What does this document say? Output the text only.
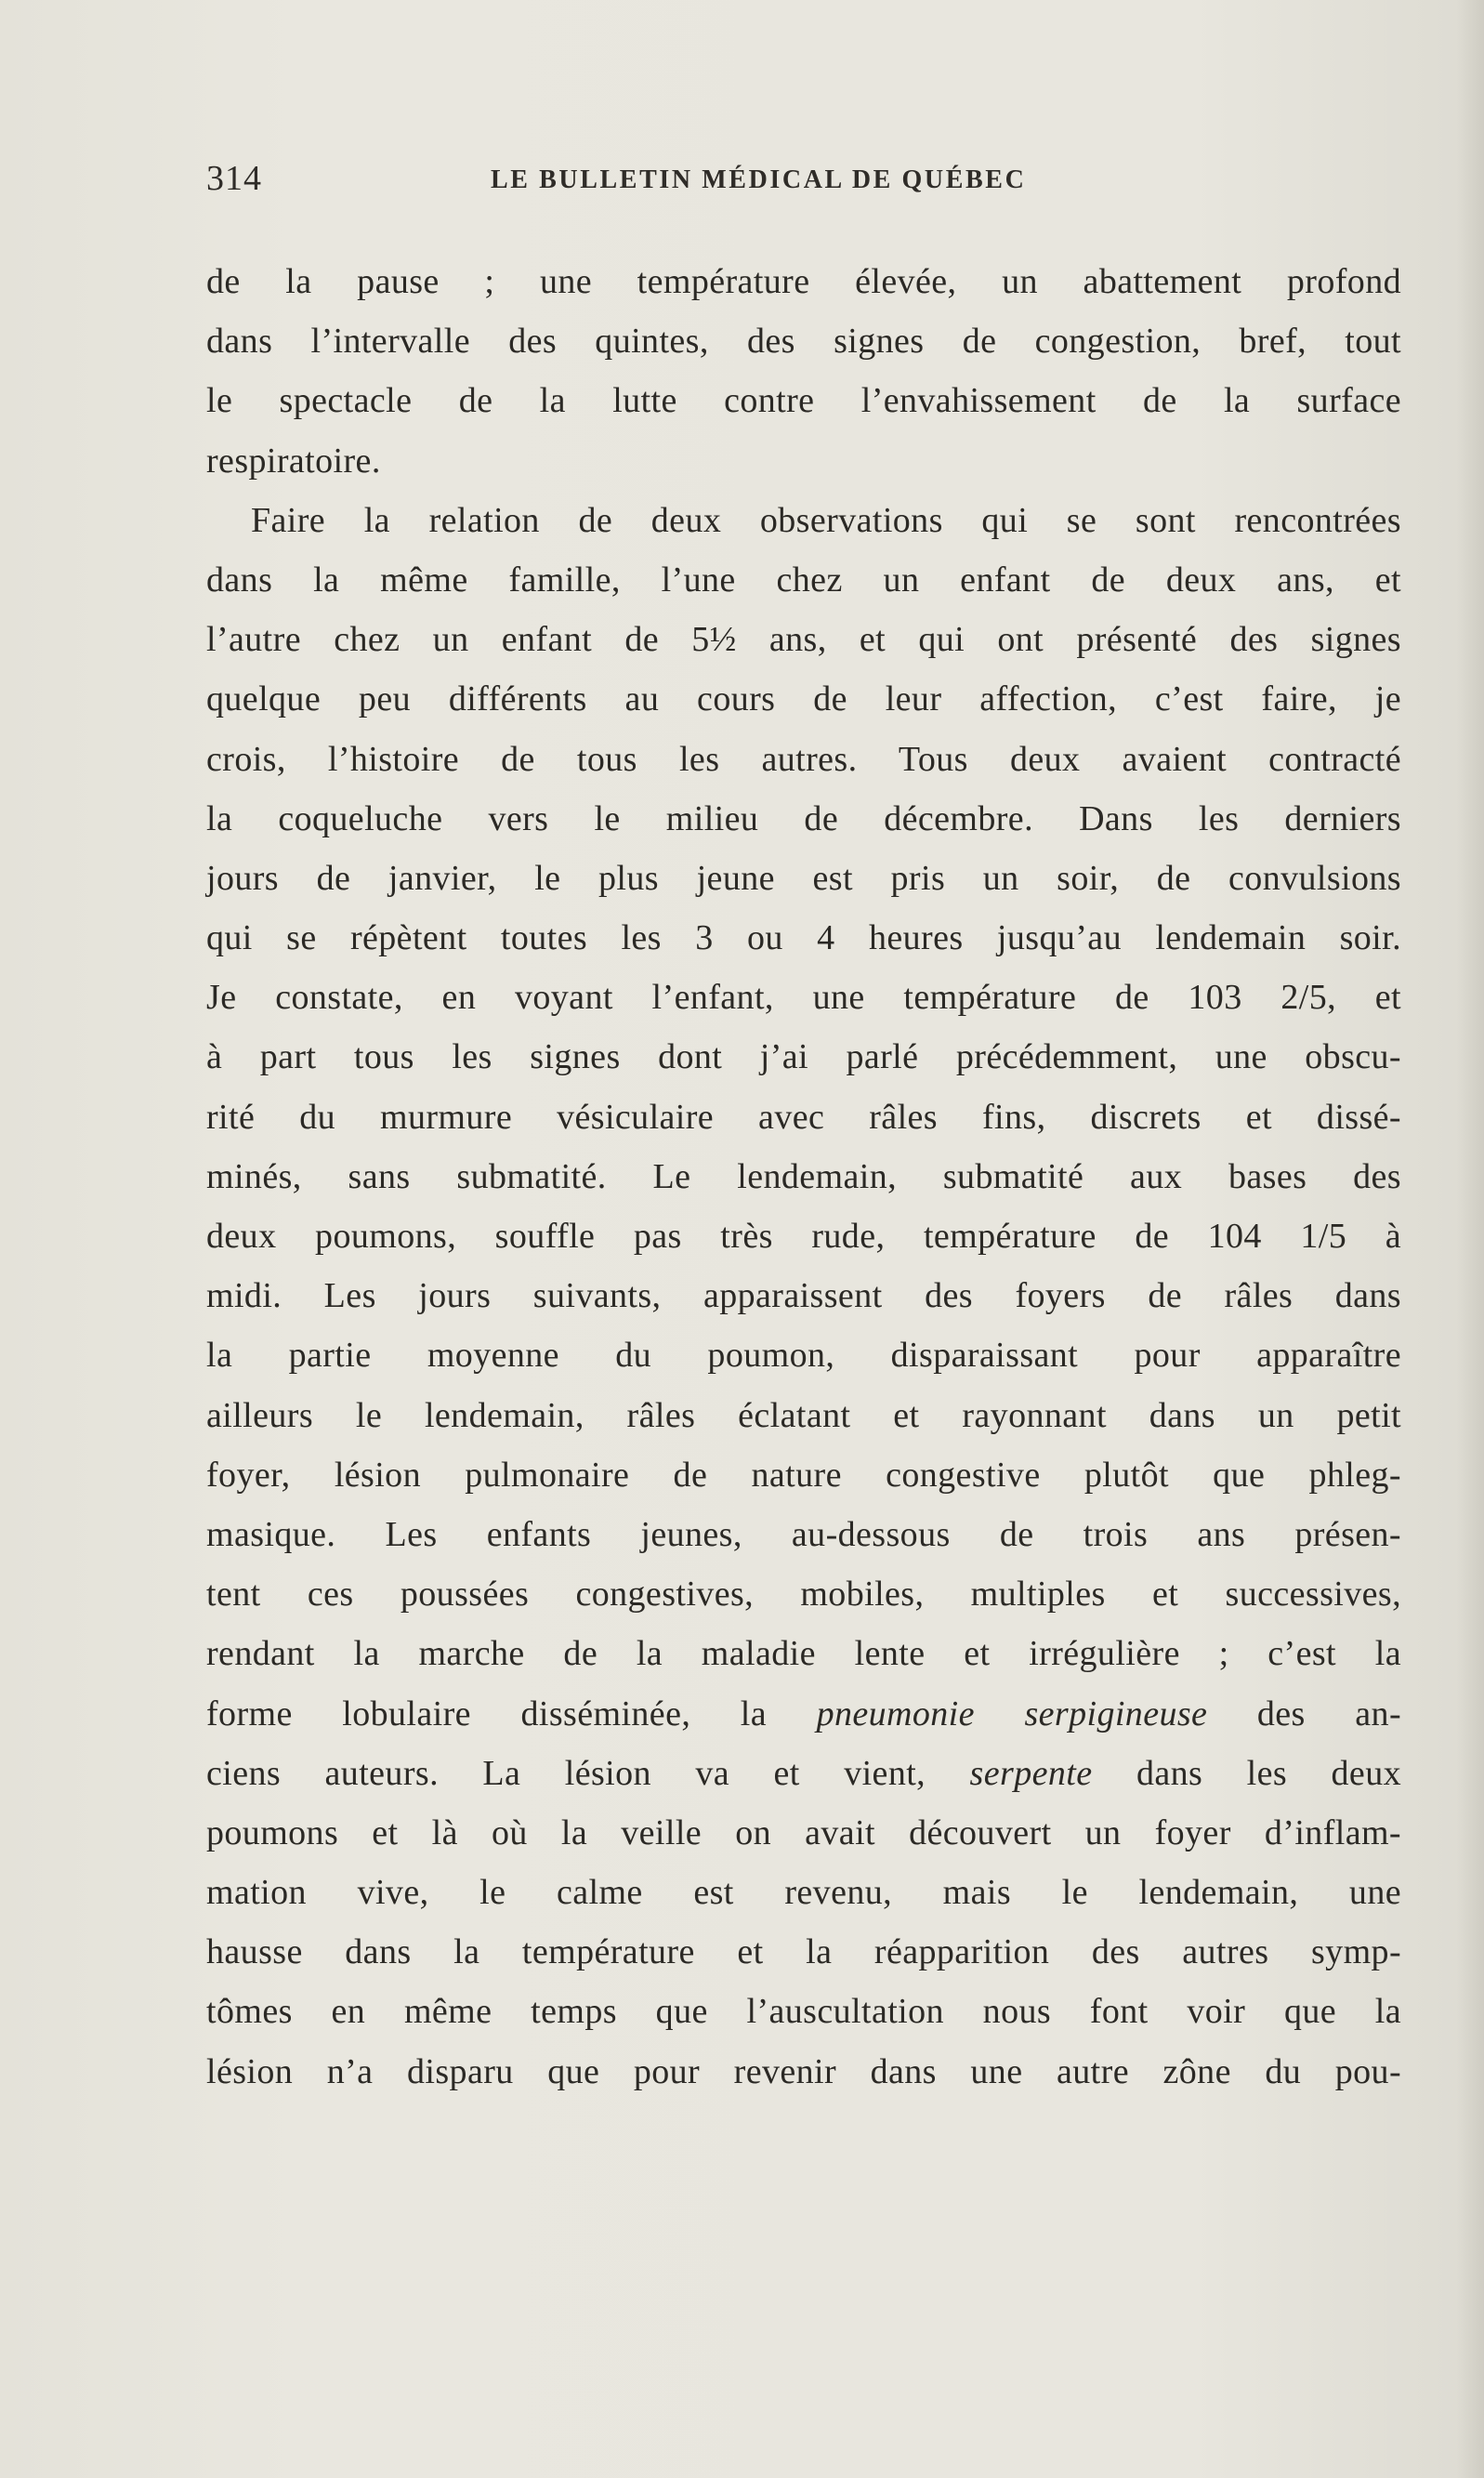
314	LE BULLETIN MÉDICAL DE QUÉBEC
de la pause ; une température élevée, un abattement profond
dans l’intervalle des quintes, des signes de congestion, bref, tout
le spectacle de la lutte contre l’envahissement de la surface
respiratoire.
Faire la relation de deux observations qui se sont rencontrées
dans la même famille, l’une chez un enfant de deux ans, et
l’autre chez un enfant de 5½ ans, et qui ont présenté des signes
quelque peu différents au cours de leur affection, c’est faire, je
crois, l’histoire de tous les autres. Tous deux avaient contracté
la coqueluche vers le milieu de décembre. Dans les derniers
jours de janvier, le plus jeune est pris un soir, de convulsions
qui se répètent toutes les 3 ou 4 heures jusqu’au lendemain soir.
Je constate, en voyant l’enfant, une température de 103 2/5, et
à part tous les signes dont j’ai parlé précédemment, une obscu-
rité du murmure vésiculaire avec râles fins, discrets et dissé-
minés, sans submatité. Le lendemain, submatité aux bases des
deux poumons, souffle pas très rude, température de 104 1/5 à
midi. Les jours suivants, apparaissent des foyers de râles dans
la partie moyenne du poumon, disparaissant pour apparaître
ailleurs le lendemain, râles éclatant et rayonnant dans un petit
foyer, lésion pulmonaire de nature congestive plutôt que phleg-
masique. Les enfants jeunes, au-dessous de trois ans présen-
tent ces poussées congestives, mobiles, multiples et successives,
rendant la marche de la maladie lente et irrégulière ; c’est la
forme lobulaire disséminée, la pneumonie serpigineuse des an-
ciens auteurs. La lésion va et vient, serpente dans les deux
poumons et là où la veille on avait découvert un foyer d’inflam-
mation vive, le calme est revenu, mais le lendemain, une
hausse dans la température et la réapparition des autres symp-
tômes en même temps que l’auscultation nous font voir que la
lésion n’a disparu que pour revenir dans une autre zône du pou-
